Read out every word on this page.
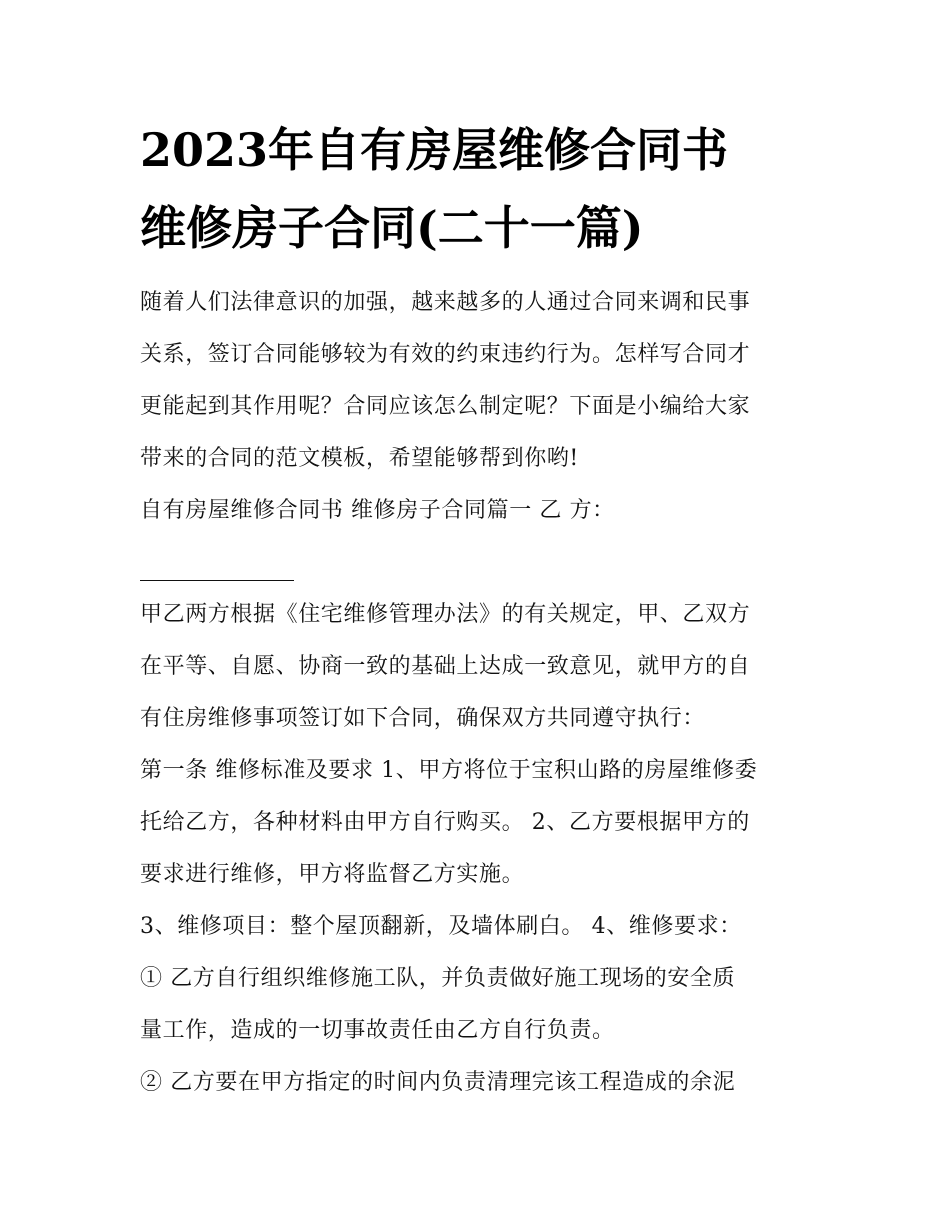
2023年自有房屋维修合同书
维修房子合同(二十一篇)

随着人们法律意识的加强，越来越多的人通过合同来调和民事

关系，签订合同能够较为有效的约束违约行为。怎样写合同才

更能起到其作用呢？合同应该怎么制定呢？下面是小编给大家

带来的合同的范文模板，希望能够帮到你哟!

自有房屋维修合同书 维修房子合同篇一 乙 方：

甲乙两方根据《住宅维修管理办法》的有关规定，甲、乙双方

在平等、自愿、协商一致的基础上达成一致意见，就甲方的自

有住房维修事项签订如下合同，确保双方共同遵守执行：

第一条 维修标准及要求 1、甲方将位于宝积山路的房屋维修委

托给乙方，各种材料由甲方自行购买。 2、乙方要根据甲方的

要求进行维修，甲方将监督乙方实施。

3、维修项目：整个屋顶翻新，及墙体刷白。 4、维修要求：

① 乙方自行组织维修施工队，并负责做好施工现场的安全质

量工作，造成的一切事故责任由乙方自行负责。

② 乙方要在甲方指定的时间内负责清理完该工程造成的余泥
